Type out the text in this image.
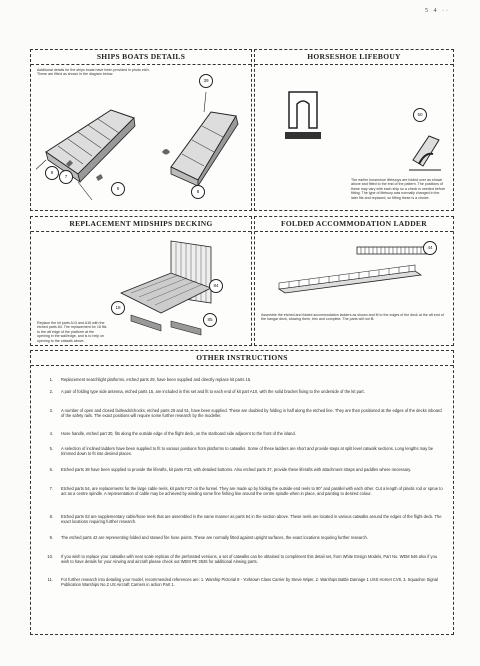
5 4 ··
SHIPS BOATS DETAILS
Additional details for the ships boats have been provided in photo etch. These are fitted as shown in the diagram below.
9
7
6
39
8
HORSESHOE LIFEBOUY
50
The earlier horseshoe lifebuoys are folded over as shown above and fitted to the end of the pattern. The positions of these may vary with each ship so a check is needed before fitting. The type of lifebuoy was normally changed in the later fits and replaced, so fitting these is a choice.
REPLACEMENT MIDSHIPS DECKING
84
18
85
Replace the kit parts A13 and A16 with the etched parts 84. The replacement for 18 fits to the aft edge of the platform at the opening in the wall/edge, and is to help on opening to the catwalk above.
FOLDED ACCOMMODATION LADDER
44
Assemble the etched and folded accommodation ladders as shown and fit to the edges of the deck at the aft end of the hangar deck, stowing them, trim and complete. The parts will not fit.
OTHER INSTRUCTIONS
1.	Replacement searchlight platforms, etched parts 29, have been supplied and directly replace kit parts 15.
2.	A pair of folding type side antenna, etched parts 15, are included in this set and fit to each end of kit part A10, with the solid bracket fixing to the underside of the kit part.
3.	A number of open and closed fairleads/chocks, etched parts 29 and 51, have been supplied. These are doubled by folding in half along the etched line. They are then positioned at the edges of the decks inboard of the safety rails. The exact positions will require some further research by the modeller.
4.	Hose handle, etched part 30, fits along the outside edge of the flight deck, on the starboard side adjacent to the front of the island.
5.	A selection of inclined ladders have been supplied to fit to various positions from platforms to catwalks. Some of these ladders are short and provide steps at split level catwalk sections. Long lengths may be trimmed down to fit into desired places.
6.	Etched parts 38 have been supplied to provide the liferafts, kit parts F33, with detailed bottoms. Also etched parts 37, provide these liferafts with attachment straps and paddles where necessary.
7.	Etched parts 54, are replacements for the large cable reels, kit parts F27 on the funnel. They are made up by folding the outside end reels to 90° and parallel with each other. Cut a length of plastic rod or sprue to act as a centre spindle. A representation of cable may be achieved by winding some fine fishing line around the centre spindle when in place, and painting to desired colour.
8.	Etched parts 53 are supplementary cable/hose reels that are assembled in the same manner as parts 54 in the section above. These reels are located in various catwalks around the edges of the flight deck. The exact locations requiring further research.
9.	The etched parts 42 are representing folded and stowed fire hose points. These are normally fitted against upright surfaces, the exact locations requiring further research.
10.	If you wish to replace your catwalks with near scale replicas of the perforated versions, a set of catwalks can be obtained to compliment this detail set, from White Ensign Models, Part No. WEM 546 also if you wish to have details for your Airwing and aircraft please check out WEM PE 3526 for additional Airwing parts.
11.	For further research into detailing your model, recommended references are: 1. Warship Pictorial 8 - Yorktown Class Carrier by Steve Wiper, 2. Warships Battle Damage 1 USS Hornet CV8, 3. Squadron Signal Publication Warships No.2 US Aircraft Carriers in action Part 1.
